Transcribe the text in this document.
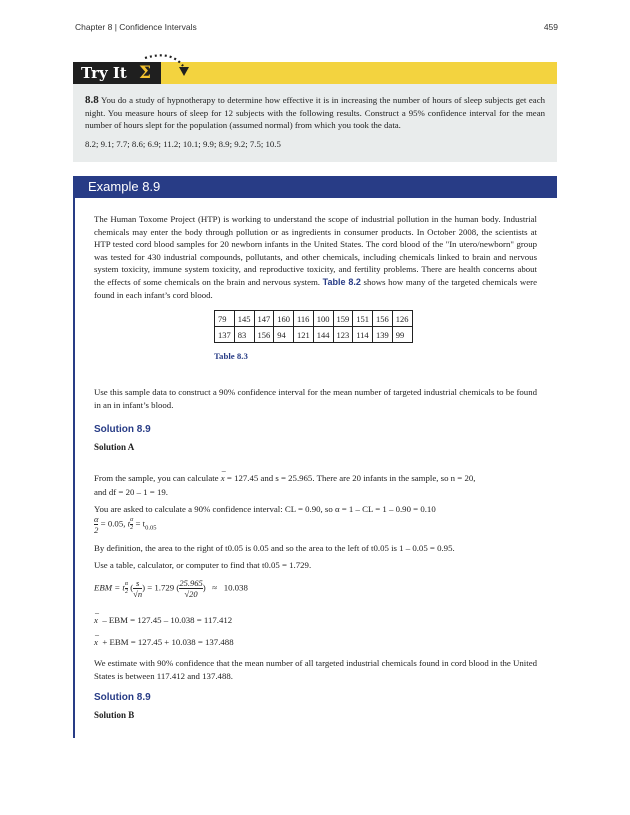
Chapter 8 | Confidence Intervals	459
Try It Σ

8.8 You do a study of hypnotherapy to determine how effective it is in increasing the number of hours of sleep subjects get each night. You measure hours of sleep for 12 subjects with the following results. Construct a 95% confidence interval for the mean number of hours slept for the population (assumed normal) from which you took the data.

8.2; 9.1; 7.7; 8.6; 6.9; 11.2; 10.1; 9.9; 8.9; 9.2; 7.5; 10.5

Example 8.9

The Human Toxome Project (HTP) is working to understand the scope of industrial pollution in the human body. Industrial chemicals may enter the body through pollution or as ingredients in consumer products. In October 2008, the scientists at HTP tested cord blood samples for 20 newborn infants in the United States. The cord blood of the "In utero/newborn" group was tested for 430 industrial compounds, pollutants, and other chemicals, including chemicals linked to brain and nervous system toxicity, immune system toxicity, and reproductive toxicity, and fertility problems. There are health concerns about the effects of some chemicals on the brain and nervous system. Table 8.2 shows how many of the targeted chemicals were found in each infant’s cord blood.

79	145	147	160	116	100	159	151	156	126
137	83	156	94	121	144	123	114	139	99
Table 8.3

Use this sample data to construct a 90% confidence interval for the mean number of targeted industrial chemicals to be found in an in infant’s blood.

Solution 8.9
Solution A

From the sample, you can calculate – x = 127.45 and s = 25.965. There are 20 infants in the sample, so n = 20,

and df = 20 – 1 = 19.

You are asked to calculate a 90% confidence interval: CL = 0.90, so α = 1 – CL = 1 – 0.90 = 0.10

$\frac{\alpha}{2} = 0.05$, t $\frac{\alpha}{2} = t_{0.05}$

By definition, the area to the right of t0.05 is 0.05 and so the area to the left of t0.05 is 1 – 0.05 = 0.95.

Use a table, calculator, or computer to find that t0.05 = 1.729.

EBM = t $\frac{\alpha}{2}$ ( $\frac{s}{√n}$ ) = 1.729 ( $\frac{25.965}{√20}$ )   ≈ 10.038

– x – EBM = 127.45 – 10.038 = 117.412

– x + EBM = 127.45 + 10.038 = 137.488

We estimate with 90% confidence that the mean number of all targeted industrial chemicals found in cord blood in the United States is between 117.412 and 137.488.

Solution 8.9
Solution B
